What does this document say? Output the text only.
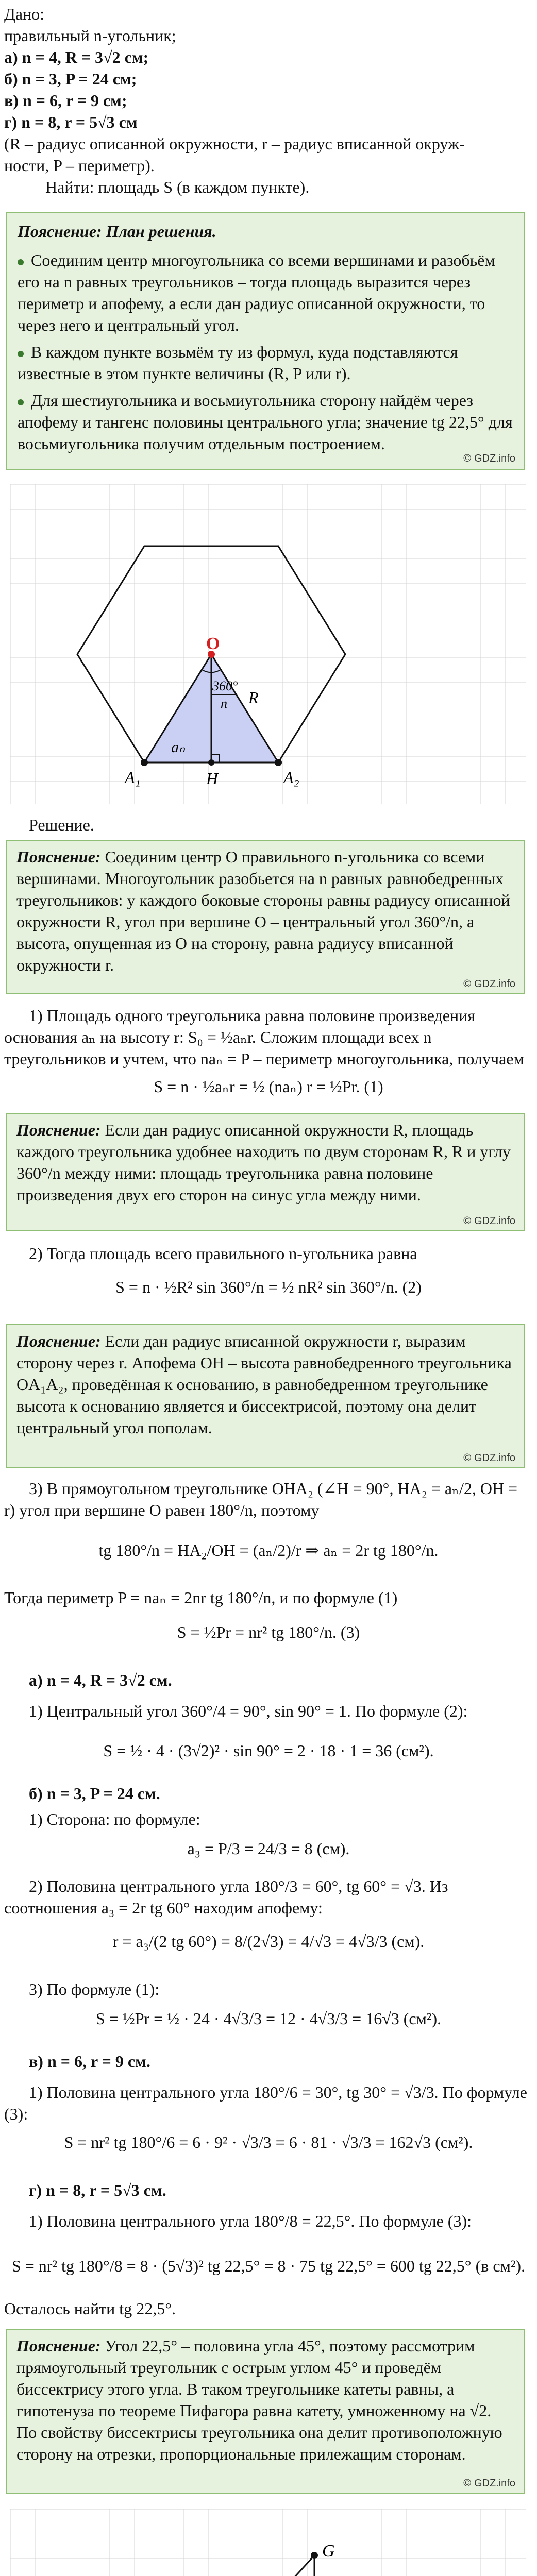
Дано:

правильный n-угольник;

а) n = 4, R = 3√2 см;

б) n = 3, P = 24 см;

в) n = 6, r = 9 см;

г) n = 8, r = 5√3 см

(R – радиус описанной окружности, r – радиус вписанной окруж-

ности, P – периметр).

Найти: площадь S (в каждом пункте).

Пояснение: План решения.

Соединим центр многоугольника со всеми вершинами и разобьём его на n равных треугольников – тогда площадь выразится через периметр и апофему, а если дан радиус описанной окружности, то через него и центральный угол.

В каждом пункте возьмём ту из формул, куда подставляются известные в этом пункте величины (R, P или r).

Для шестиугольника и восьмиугольника сторону найдём через апофему и тангенс половины центрального угла; значение tg 22,5° для восьмиугольника получим отдельным построением.

© GDZ.info
O
360°
n R
aₙ
A₁	H	A₂

Решение.

Пояснение: Соединим центр O правильного n-угольника со всеми вершинами. Многоугольник разобьется на n равных равнобедренных треугольников: у каждого боковые стороны равны радиусу описанной окружности R, угол при вершине O – центральный угол 360°/n, а высота, опущенная из O на сторону, равна радиусу вписанной окружности r.

© GDZ.info

1) Площадь одного треугольника равна половине произведения основания aₙ на высоту r: S₀ = ½aₙr. Сложим площади всех n треугольников и учтем, что naₙ = P – периметр многоугольника, получаем

S = n · ½aₙr = ½ (naₙ) r = ½Pr. (1)

Пояснение: Если дан радиус описанной окружности R, площадь каждого треугольника удобнее находить по двум сторонам R, R и углу 360°/n между ними: площадь треугольника равна половине произведения двух его сторон на синус угла между ними.

© GDZ.info

2) Тогда площадь всего правильного n-угольника равна

S = n · ½R² sin 360°/n = ½ nR² sin 360°/n. (2)

Пояснение: Если дан радиус вписанной окружности r, выразим сторону через r. Апофема OH – высота равнобедренного треугольника OA₁A₂, проведённая к основанию, в равнобедренном треугольнике высота к основанию является и биссектрисой, поэтому она делит центральный угол пополам.

© GDZ.info

3) В прямоугольном треугольнике OHA₂ (∠H = 90°, HA₂ = aₙ/2, OH = r) угол при вершине O равен 180°/n, поэтому

tg 180°/n = HA₂/OH = (aₙ/2)/r ⇒ aₙ = 2r tg 180°/n.

Тогда периметр P = naₙ = 2nr tg 180°/n, и по формуле (1)

S = ½Pr = nr² tg 180°/n. (3)

а) n = 4, R = 3√2 см.

1) Центральный угол 360°/4 = 90°, sin 90° = 1. По формуле (2):

S = ½ · 4 · (3√2)² · sin 90° = 2 · 18 · 1 = 36 (см²).

б) n = 3, P = 24 см.

1) Сторона: по формуле:

a₃ = P/3 = 24/3 = 8 (см).

2) Половина центрального угла 180°/3 = 60°, tg 60° = √3. Из соотношения a₃ = 2r tg 60° находим апофему:

r = a₃/(2 tg 60°) = 8/(2√3) = 4/√3 = 4√3/3 (см).

3) По формуле (1):

S = ½Pr = ½ · 24 · 4√3/3 = 12 · 4√3/3 = 16√3 (см²).

в) n = 6, r = 9 см.

1) Половина центрального угла 180°/6 = 30°, tg 30° = √3/3. По формуле (3):

S = nr² tg 180°/6 = 6 · 9² · √3/3 = 6 · 81 · √3/3 = 162√3 (см²).

г) n = 8, r = 5√3 см.

1) Половина центрального угла 180°/8 = 22,5°. По формуле (3):

S = nr² tg 180°/8 = 8 · (5√3)² tg 22,5° = 8 · 75 tg 22,5° = 600 tg 22,5° (в см²).

Осталось найти tg 22,5°.

Пояснение: Угол 22,5° – половина угла 45°, поэтому рассмотрим прямоугольный треугольник с острым углом 45° и проведём биссектрису этого угла. В таком треугольнике катеты равны, а гипотенуза по теореме Пифагора равна катету, умноженному на √2. По свойству биссектрисы треугольника она делит противоположную сторону на отрезки, пропорциональные прилежащим сторонам.

© GDZ.info
G
